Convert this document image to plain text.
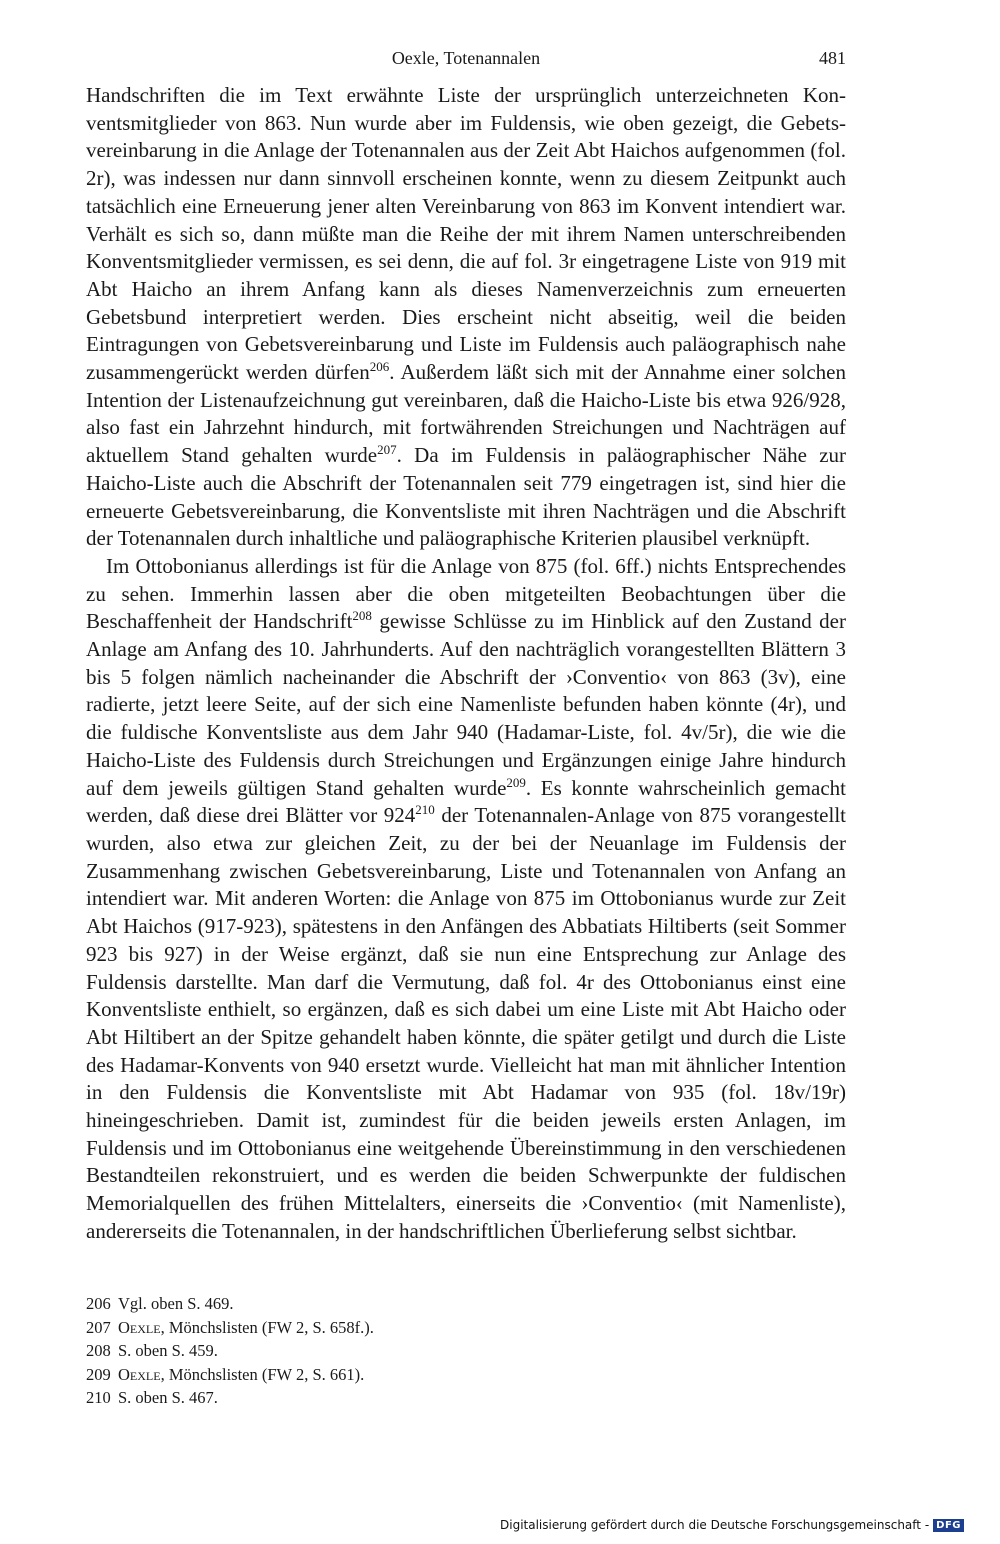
Oexle, Totenannalen	481

Handschriften die im Text erwähnte Liste der ursprünglich unterzeichneten Konventsmitglieder von 863. Nun wurde aber im Fuldensis, wie oben gezeigt, die Gebetsvereinbarung in die Anlage der Totenannalen aus der Zeit Abt Haichos aufgenommen (fol. 2r), was indessen nur dann sinnvoll erscheinen konnte, wenn zu diesem Zeitpunkt auch tatsächlich eine Erneuerung jener alten Vereinbarung von 863 im Konvent intendiert war. Verhält es sich so, dann müßte man die Reihe der mit ihrem Namen unterschreibenden Konventsmitglieder vermissen, es sei denn, die auf fol. 3r eingetragene Liste von 919 mit Abt Haicho an ihrem Anfang kann als dieses Namenverzeichnis zum erneuerten Gebetsbund interpretiert werden. Dies erscheint nicht abseitig, weil die beiden Eintragungen von Gebetsvereinbarung und Liste im Fuldensis auch paläographisch nahe zusammengerückt werden dürfen$^{206}$. Außerdem läßt sich mit der Annahme einer solchen Intention der Listenaufzeichnung gut vereinbaren, daß die Haicho-Liste bis etwa 926/928, also fast ein Jahrzehnt hindurch, mit fortwährenden Streichungen und Nachträgen auf aktuellem Stand gehalten wurde$^{207}$. Da im Fuldensis in paläographischer Nähe zur Haicho-Liste auch die Abschrift der Totenannalen seit 779 eingetragen ist, sind hier die erneuerte Gebetsvereinbarung, die Konventsliste mit ihren Nachträgen und die Abschrift der Totenannalen durch inhaltliche und paläographische Kriterien plausibel verknüpft.

Im Ottobonianus allerdings ist für die Anlage von 875 (fol. 6ff.) nichts Entsprechendes zu sehen. Immerhin lassen aber die oben mitgeteilten Beobachtungen über die Beschaffenheit der Handschrift$^{208}$ gewisse Schlüsse zu im Hinblick auf den Zustand der Anlage am Anfang des 10. Jahrhunderts. Auf den nachträglich vorangestellten Blättern 3 bis 5 folgen nämlich nacheinander die Abschrift der ›Conventio‹ von 863 (3v), eine radierte, jetzt leere Seite, auf der sich eine Namenliste befunden haben könnte (4r), und die fuldische Konventsliste aus dem Jahr 940 (Hadamar-Liste, fol. 4v/5r), die wie die Haicho-Liste des Fuldensis durch Streichungen und Ergänzungen einige Jahre hindurch auf dem jeweils gültigen Stand gehalten wurde$^{209}$. Es konnte wahrscheinlich gemacht werden, daß diese drei Blätter vor $924^{210}$ der Totenannalen-Anlage von 875 vorangestellt wurden, also etwa zur gleichen Zeit, zu der bei der Neuanlage im Fuldensis der Zusammenhang zwischen Gebetsvereinbarung, Liste und Totenannalen von Anfang an intendiert war. Mit anderen Worten: die Anlage von 875 im Ottobonianus wurde zur Zeit Abt Haichos (917-923), spätestens in den Anfängen des Abbatiats Hiltiberts (seit Sommer 923 bis 927) in der Weise ergänzt, daß sie nun eine Entsprechung zur Anlage des Fuldensis darstellte. Man darf die Vermutung, daß fol. 4r des Ottobonianus einst eine Konventsliste enthielt, so ergänzen, daß es sich dabei um eine Liste mit Abt Haicho oder Abt Hiltibert an der Spitze gehandelt haben könnte, die später getilgt und durch die Liste des Hadamar-Konvents von 940 ersetzt wurde. Vielleicht hat man mit ähnlicher Intention in den Fuldensis die Konventsliste mit Abt Hadamar von 935 (fol. 18v/19r) hineingeschrieben. Damit ist, zumindest für die beiden jeweils ersten Anlagen, im Fuldensis und im Ottobonianus eine weitgehende Übereinstimmung in den verschiedenen Bestandteilen rekonstruiert, und es werden die beiden Schwerpunkte der fuldischen Memorialquellen des frühen Mittelalters, einerseits die ›Conventio‹ (mit Namenliste), andererseits die Totenannalen, in der handschriftlichen Überlieferung selbst sichtbar.

206 Vgl. oben S. 469.
207 Oexle, Mönchslisten (FW 2, S. 658f.).
208 S. oben S. 459.
209 Oexle, Mönchslisten (FW 2, S. 661).
210 S. oben S. 467.
Digitalisierung gefördert durch die Deutsche Forschungsgemeinschaft - DFG
